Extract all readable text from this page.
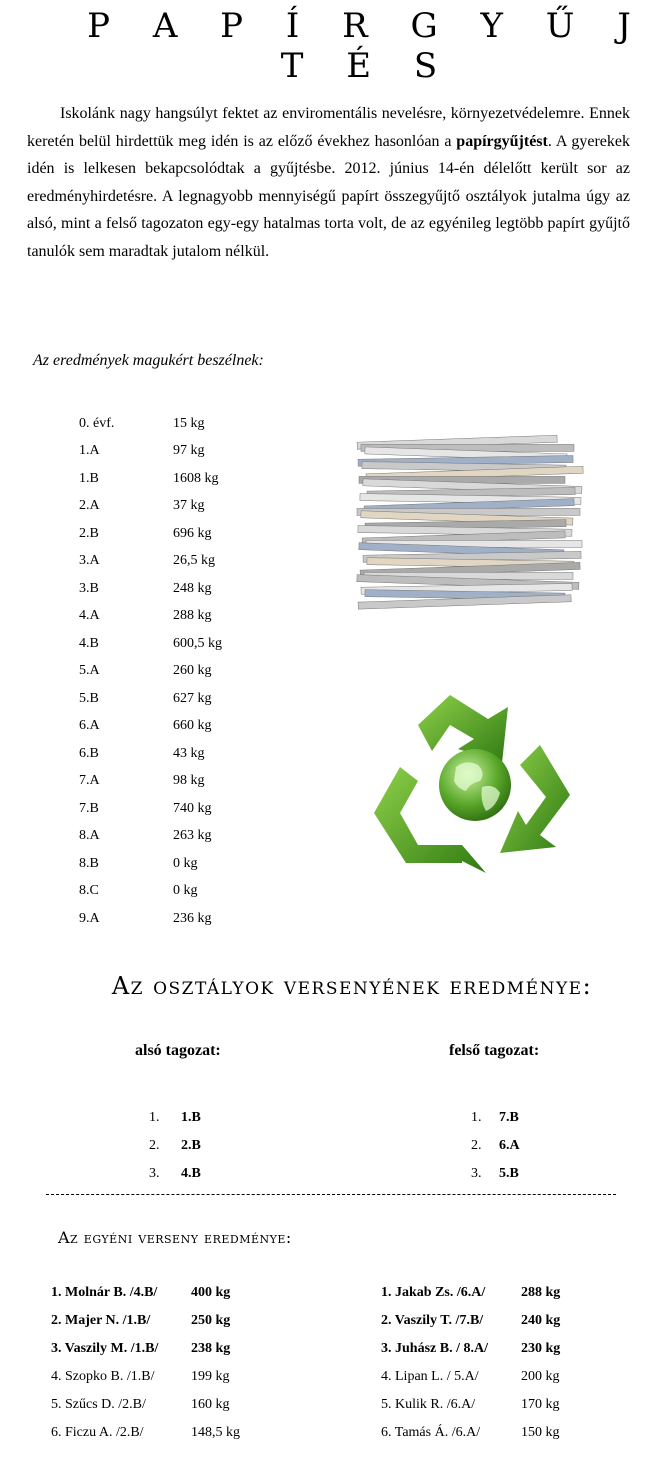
P A P Í R G Y Ű J T É S
Iskolánk nagy hangsúlyt fektet az enviromentális nevelésre, környezetvédelemre. Ennek keretén belül hirdettük meg idén is az előző évekhez hasonlóan a papírgyűjtést. A gyerekek idén is lelkesen bekapcsolódtak a gyűjtésbe. 2012. június 14-én délelőtt került sor az eredményhirdetésre. A legnagyobb mennyiségű papírt összegyűjtő osztályok jutalma úgy az alsó, mint a felső tagozaton egy-egy hatalmas torta volt, de az egyénileg legtöbb papírt gyűjtő tanulók sem maradtak jutalom nélkül.
Az eredmények magukért beszélnek:
0. évf.	15 kg
1.A	97 kg
1.B	1608 kg
2.A	37 kg
2.B	696 kg
3.A	26,5 kg
3.B	248 kg
4.A	288 kg
4.B	600,5 kg
5.A	260 kg
5.B	627 kg
6.A	660 kg
6.B	43 kg
7.A	98 kg
7.B	740 kg
8.A	263 kg
8.B	0 kg
8.C	0 kg
9.A	236 kg
Az osztályok versenyének eredménye:
alsó tagozat:	felső tagozat:
1.	1.B
2.	2.B
3.	4.B
1.	7.B
2.	6.A
3.	5.B
Az egyéni verseny eredménye:
1. Molnár B. /4.B/	400 kg
2. Majer N. /1.B/	250 kg
3. Vaszily M. /1.B/	238 kg
4. Szopko B. /1.B/	199 kg
5. Szűcs D. /2.B/	160 kg
6. Ficzu A. /2.B/	148,5 kg
1. Jakab Zs. /6.A/	288 kg
2. Vaszily T. /7.B/	240 kg
3. Juhász B. / 8.A/	230 kg
4. Lipan L. / 5.A/	200 kg
5. Kulik R. /6.A/	170 kg
6. Tamás Á. /6.A/	150 kg
